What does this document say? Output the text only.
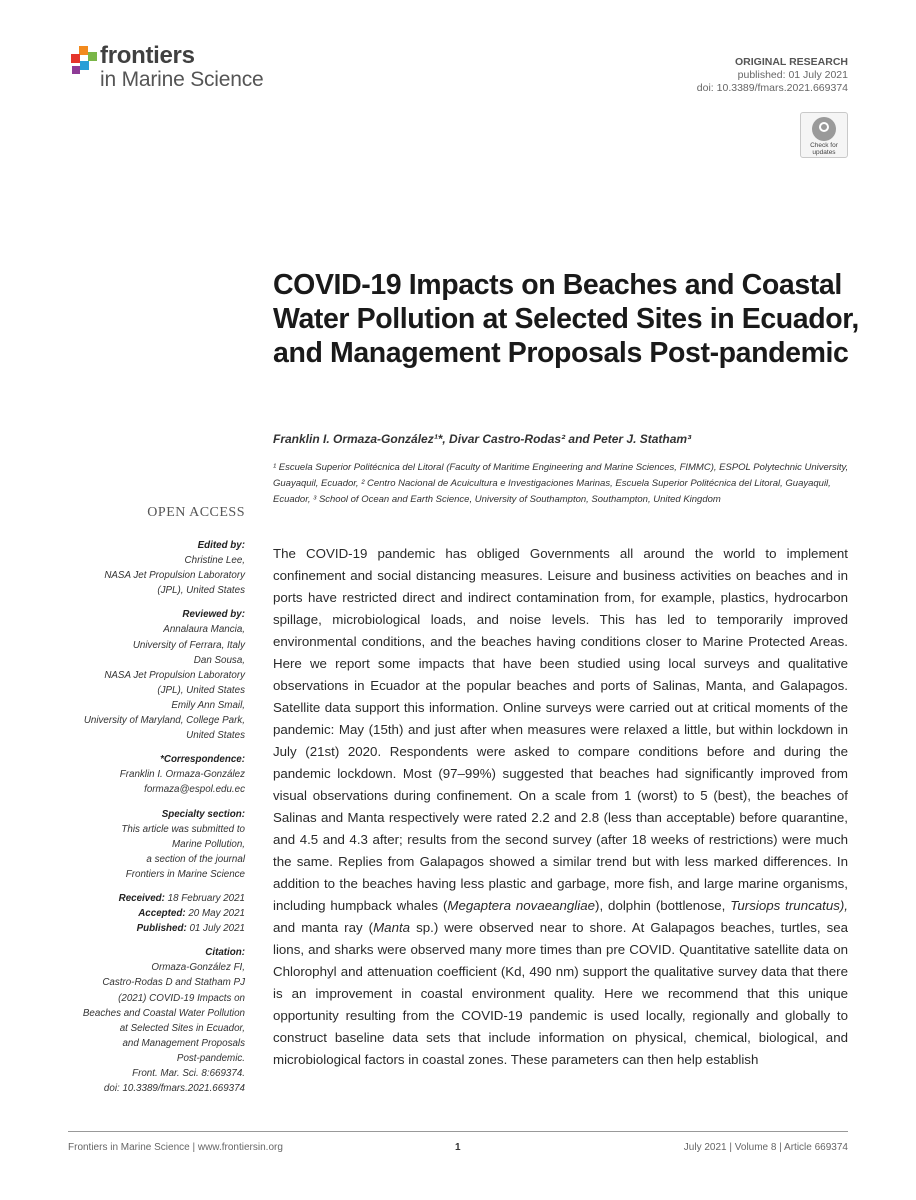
frontiers
in Marine Science
ORIGINAL RESEARCH
published: 01 July 2021
doi: 10.3389/fmars.2021.669374
Check for updates
COVID-19 Impacts on Beaches and Coastal Water Pollution at Selected Sites in Ecuador, and Management Proposals Post-pandemic
Franklin I. Ormaza-González¹*, Divar Castro-Rodas² and Peter J. Statham³
¹ Escuela Superior Politécnica del Litoral (Faculty of Maritime Engineering and Marine Sciences, FIMMC), ESPOL Polytechnic University, Guayaquil, Ecuador, ² Centro Nacional de Acuicultura e Investigaciones Marinas, Escuela Superior Politécnica del Litoral, Guayaquil, Ecuador, ³ School of Ocean and Earth Science, University of Southampton, Southampton, United Kingdom
OPEN ACCESS
Edited by:
Christine Lee,
NASA Jet Propulsion Laboratory
(JPL), United States
Reviewed by:
Annalaura Mancia,
University of Ferrara, Italy
Dan Sousa,
NASA Jet Propulsion Laboratory
(JPL), United States
Emily Ann Smail,
University of Maryland, College Park,
United States
*Correspondence:
Franklin I. Ormaza-González
formaza@espol.edu.ec
Specialty section:
This article was submitted to
Marine Pollution,
a section of the journal
Frontiers in Marine Science
Received: 18 February 2021
Accepted: 20 May 2021
Published: 01 July 2021
Citation:
Ormaza-González FI,
Castro-Rodas D and Statham PJ
(2021) COVID-19 Impacts on
Beaches and Coastal Water Pollution
at Selected Sites in Ecuador,
and Management Proposals
Post-pandemic.
Front. Mar. Sci. 8:669374.
doi: 10.3389/fmars.2021.669374
The COVID-19 pandemic has obliged Governments all around the world to implement confinement and social distancing measures. Leisure and business activities on beaches and in ports have restricted direct and indirect contamination from, for example, plastics, hydrocarbon spillage, microbiological loads, and noise levels. This has led to temporarily improved environmental conditions, and the beaches having conditions closer to Marine Protected Areas. Here we report some impacts that have been studied using local surveys and qualitative observations in Ecuador at the popular beaches and ports of Salinas, Manta, and Galapagos. Satellite data support this information. Online surveys were carried out at critical moments of the pandemic: May (15th) and just after when measures were relaxed a little, but within lockdown in July (21st) 2020. Respondents were asked to compare conditions before and during the pandemic lockdown. Most (97–99%) suggested that beaches had significantly improved from visual observations during confinement. On a scale from 1 (worst) to 5 (best), the beaches of Salinas and Manta respectively were rated 2.2 and 2.8 (less than acceptable) before quarantine, and 4.5 and 4.3 after; results from the second survey (after 18 weeks of restrictions) were much the same. Replies from Galapagos showed a similar trend but with less marked differences. In addition to the beaches having less plastic and garbage, more fish, and large marine organisms, including humpback whales (Megaptera novaeangliae), dolphin (bottlenose, Tursiops truncatus), and manta ray (Manta sp.) were observed near to shore. At Galapagos beaches, turtles, sea lions, and sharks were observed many more times than pre COVID. Quantitative satellite data on Chlorophyl and attenuation coefficient (Kd, 490 nm) support the qualitative survey data that there is an improvement in coastal environment quality. Here we recommend that this unique opportunity resulting from the COVID-19 pandemic is used locally, regionally and globally to construct baseline data sets that include information on physical, chemical, biological, and microbiological factors in coastal zones. These parameters can then help establish
Frontiers in Marine Science | www.frontiersin.org	1	July 2021 | Volume 8 | Article 669374
